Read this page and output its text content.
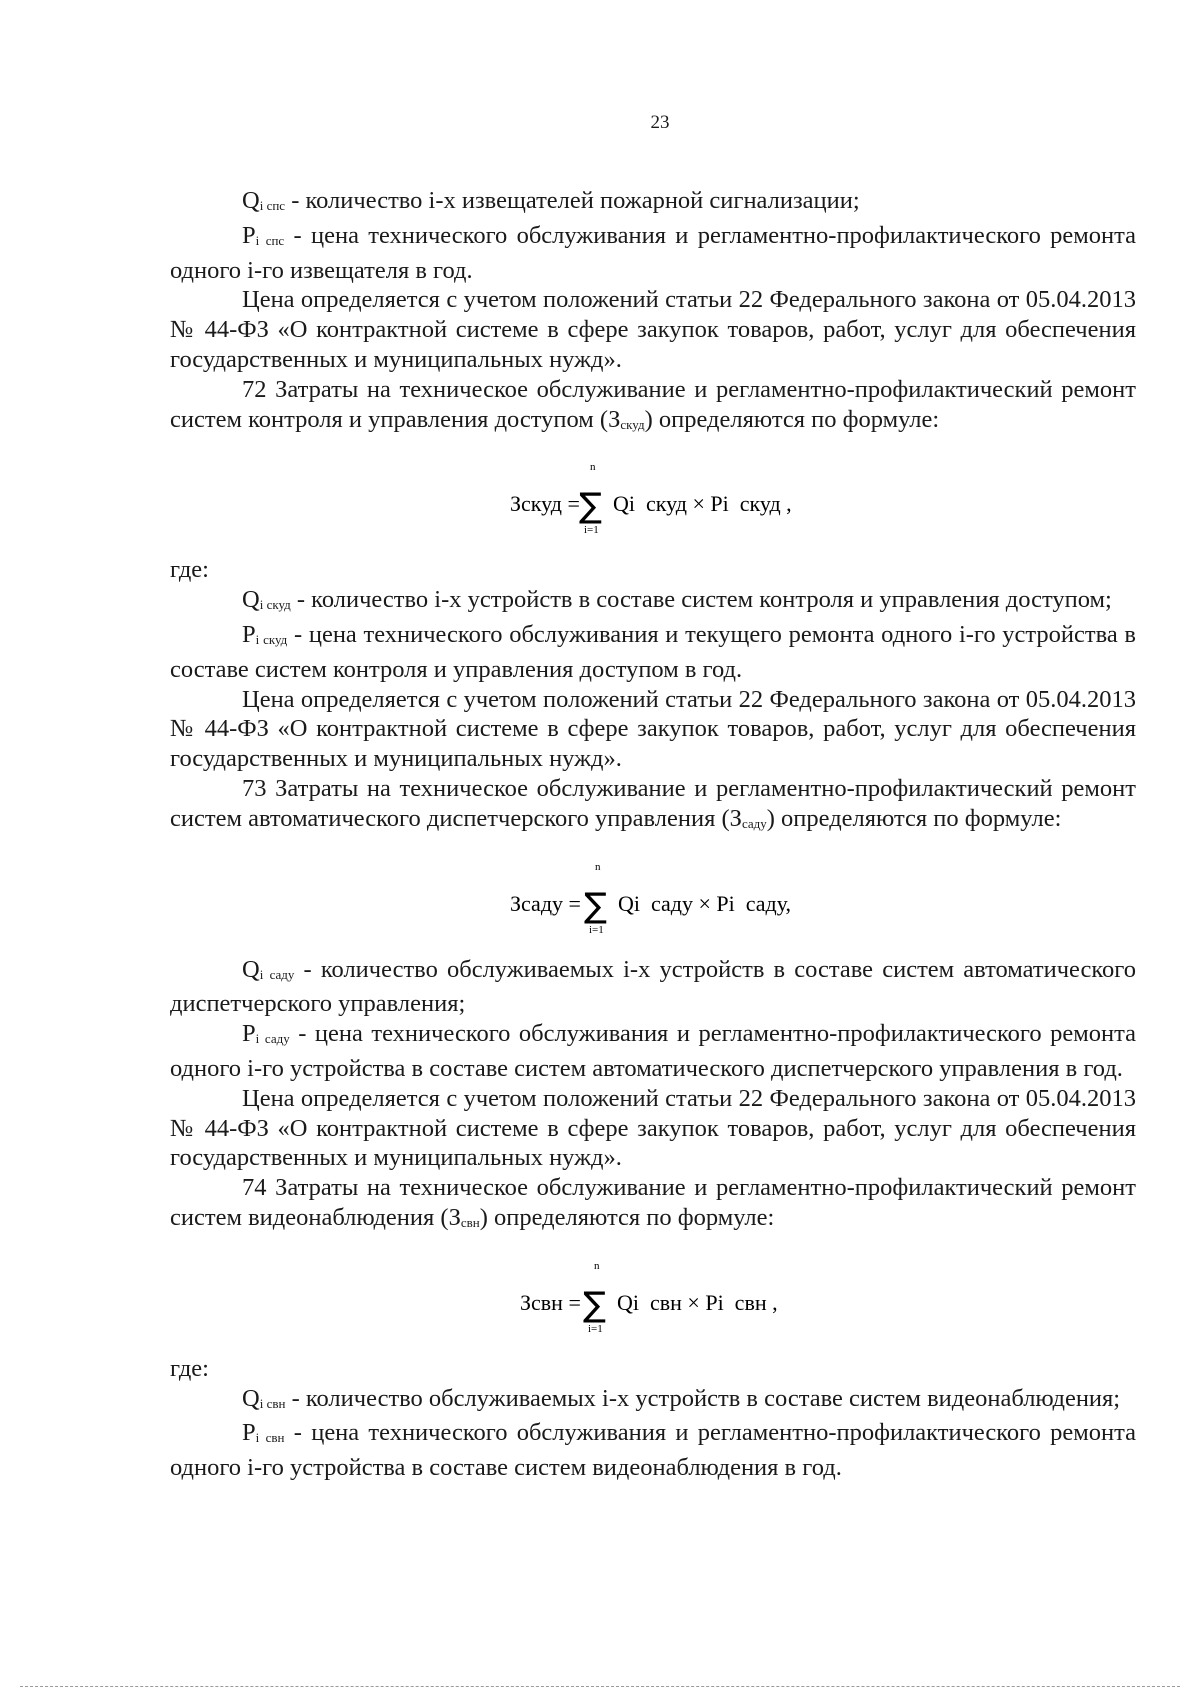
23

Qi спс - количество i-х извещателей пожарной сигнализации;

Pi спс - цена технического обслуживания и регламентно-профилактического ремонта одного i-го извещателя в год.

Цена определяется с учетом положений статьи 22 Федерального закона от 05.04.2013 № 44-ФЗ «О контрактной системе в сфере закупок товаров, работ, услуг для обеспечения государственных и муниципальных нужд».

72 Затраты на техническое обслуживание и регламентно-профилактический ремонт систем контроля и управления доступом (Зскуд) определяются по формуле:

Зскуд =
n
∑
i=1
Qi  скуд × Pi  скуд ,

где:

Qi скуд - количество i-х устройств в составе систем контроля и управления доступом;

Pi скуд - цена технического обслуживания и текущего ремонта одного i-го устройства в составе систем контроля и управления доступом в год.

Цена определяется с учетом положений статьи 22 Федерального закона от 05.04.2013 № 44-ФЗ «О контрактной системе в сфере закупок товаров, работ, услуг для обеспечения государственных и муниципальных нужд».

73 Затраты на техническое обслуживание и регламентно-профилактический ремонт систем автоматического диспетчерского управления (Зсаду) определяются по формуле:

Зсаду =
n
∑
i=1
Qi  саду × Pi  саду,

Qi саду - количество обслуживаемых i-х устройств в составе систем автоматического диспетчерского управления;

Pi саду - цена технического обслуживания и регламентно-профилактического ремонта одного i-го устройства в составе систем автоматического диспетчерского управления в год.

Цена определяется с учетом положений статьи 22 Федерального закона от 05.04.2013 № 44-ФЗ «О контрактной системе в сфере закупок товаров, работ, услуг для обеспечения государственных и муниципальных нужд».

74 Затраты на техническое обслуживание и регламентно-профилактический ремонт систем видеонаблюдения (Зсвн) определяются по формуле:

Зсвн =
n
∑
i=1
Qi  свн × Pi  свн ,

где:

Qi свн - количество обслуживаемых i-х устройств в составе систем видеонаблюдения;

Pi свн - цена технического обслуживания и регламентно-профилактического ремонта одного i-го устройства в составе систем видеонаблюдения в год.
